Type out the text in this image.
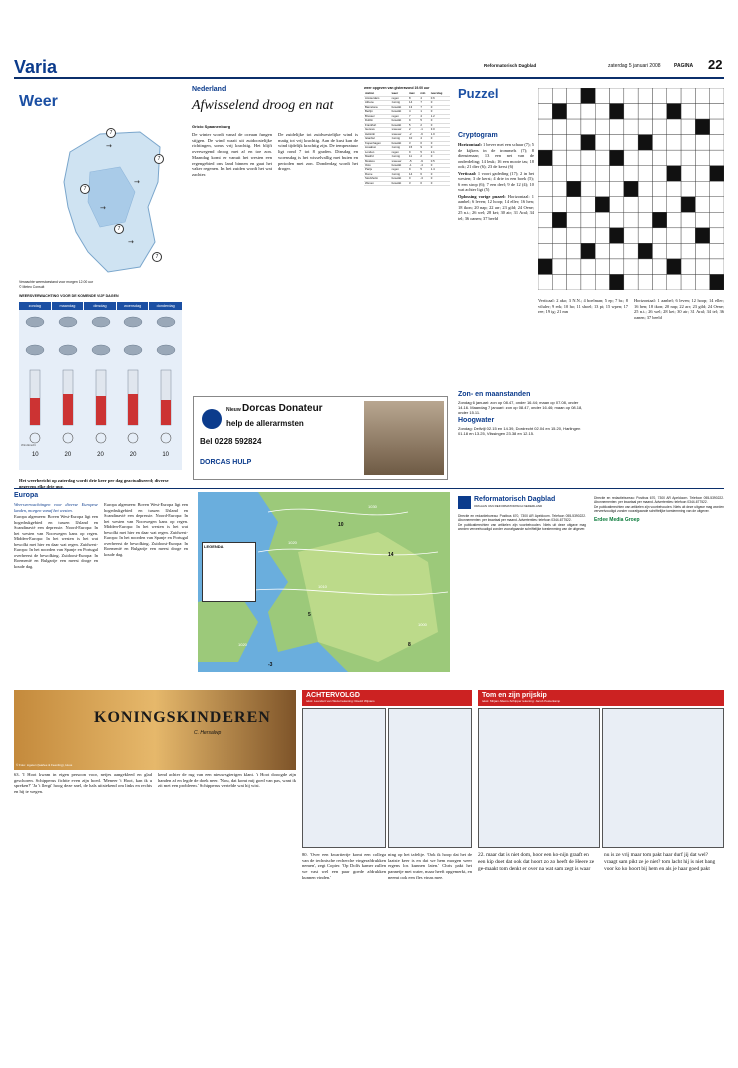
Varia	Reformatorisch Dagblad	zaterdag 5 januari 2008	PAGINA 22
Weer
→
→
→
→
7
7
7
7
7
Verwachte weerstoestand voor morgen 12.00 uur
© Meteo Consult
WEERSVERWACHTING VOOR DE KOMENDE VIJF DAGEN
zondag	maandag	dinsdag	woensdag	donderdag
10	20	20	20	10
Windkracht
Het weerbericht op zaterdag wordt drie keer per dag geactualiseerd; diverse gegevens elke drie uur.
Nederland
Afwisselend droog en nat
Gricio Spaanenburg

De winter wordt vanaf de oceaan fungen stijgen. De wind waait uit zuidoostelijke richtingen, soms vrij krachtig. Het blijft overwegend droog met af en toe zon. Maandag komt er vanuit het westen een regengebied ons land binnen en gaat het vaker regenen. In het zuiden wordt het wat zachter.

De zuidelijke tot zuidwestelijke wind is matig tot vrij krachtig. Aan de kust kan de wind tijdelijk krachtig zijn. De temperatuur ligt rond 7 tot 8 graden. Dinsdag en woensdag is het wisselvallig met buien en perioden met zon. Donderdag wordt het droger.

weer opgeven van gisteravond 19.00 uur
station	weer	max	min	neerslag
Amsterdam	regen	8	4	0.6
Athene	zonnig	14	7	0
Barcelona	bewolkt	13	7	0
Berlijn	bewolkt	4	1	0
Brussel	regen	7	4	1.2
Dublin	bewolkt	9	5	0
Frankfurt	bewolkt	5	2	0
Genève	sneeuw	2	-1	3.0
Helsinki	sneeuw	-2	-6	1.0
Istanbul	zonnig	10	4	0
Kopenhagen	bewolkt	3	0	0
Lissabon	zonnig	15	9	0
Londen	regen	9	5	2.1
Madrid	zonnig	11	2	0
Moskou	sneeuw	-5	-9	0.5
Oslo	bewolkt	-1	-4	0
Parijs	regen	9	5	1.4
Rome	zonnig	14	6	0
Stockholm	bewolkt	0	-3	0
Wenen	bewolkt	3	0	0
Nieuw Dorcas Donateur
help de allerarmsten
Bel 0228 592824
DORCAS HULP
Puzzel
Cryptogram

Horizontaal: 1 bever met een schaar (7); 5 de kijkers in de trommels (7); 8 dienstenaar; 13 een net van de onderdeling; 14 leuk; 16 een mooie tas; 18 ook; 21 dier (6); 23 de kerst (6)

Verticaal: 1 voort gadeding (17); 2 in het westen; 3 de kerst; 4 drie in een boek (5); 6 een strop (6); 7 een deel; 9 de 12 (4); 10 wat achter ligt (5)

Oplossing vorige puzzel: Horizontaal: 1 aanbel; 6 leven; 12 hoop; 14 eller; 16 hen; 18 ikon; 20 nap; 22 arr; 23 gild; 24 Oene; 25 n.t.; 26 wel; 28 ket; 30 air; 31 Aral; 34 tel; 36 oanen; 37 beeld

Verticaal: 2 ako; 3 N.N.; 4 boelman; 5 ep; 7 br.; 8 viluler; 9 erk; 10 ho; 11 shoel; 13 pi; 15 wpen; 17 ree; 19 ig; 21 mn

Horizontaal: 1 aanbel; 6 leven; 12 hoop; 14 eller; 16 hen; 18 ikon; 20 nap; 22 arr; 23 gild; 24 Oene; 25 n.t.; 26 wel; 28 ket; 30 air; 31 Aral; 34 tel; 36 oanen; 37 beeld

Zon- en maanstanden
Zondag 6 januari: zon op 08.47, onder 16.44; maan op 07.08, onder 14.16. Maandag 7 januari: zon op 08.47, onder 16.46; maan op 08.18, onder 15.11.
Hoogwater
Zondag: Delfzijl 02.15 en 14.39, Dordrecht 02.04 en 15.20, Harlingen 01.18 en 13.25, Vlissingen 23.38 en 12.15.
Europa

Weersverwachtingen voor diverse Europese landen, morgen vanaf het westen.

Europa algemeen: Boven West-Europa ligt een hogedrukgebied en tussen IJsland en Scandinavië een depressie. Noord-Europa: In het westen van Noorwegen kans op regen. Midden-Europa: In het westen is het wat bewolkt met hier en daar wat regen. Zuidwest-Europa: In het noorden van Spanje en Portugal overheerst de bewolking. Zuidoost-Europa: In Roemenië en Bulgarije een meest droge en koude dag.

Europa algemeen: Boven West-Europa ligt een hogedrukgebied en tussen IJsland en Scandinavië een depressie. Noord-Europa: In het westen van Noorwegen kans op regen. Midden-Europa: In het westen is het wat bewolkt met hier en daar wat regen. Zuidwest-Europa: In het noorden van Spanje en Portugal overheerst de bewolking. Zuidoost-Europa: In Roemenië en Bulgarije een meest droge en koude dag.

LEGENDA
1030
1020
1010
1000
1020
10
14
5
8
-3
Reformatorisch Dagblad
ORGAAN VAN REFORMATORISCH NEDERLAND

Directie en redactiebureau: Postbus 670, 7300 AR Apeldoorn. Telefoon 055-5390222. Abonnementen: per kwartaal per maand. Advertenties: telefoon 0344-677522.

De publicatierechten van artikelen zijn voorbehouden. Niets uit deze uitgave mag worden verveelvoudigd zonder voorafgaande schriftelijke toestemming van de uitgever.

Directie en redactiebureau: Postbus 670, 7300 AR Apeldoorn. Telefoon 055-5390222. Abonnementen: per kwartaal per maand. Advertenties: telefoon 0344-677522.

De publicatierechten van artikelen zijn voorbehouden. Niets uit deze uitgave mag worden verveelvoudigd zonder voorafgaande schriftelijke toestemming van de uitgever.

Erdee Media Groep

KONINGSKINDEREN
C. Hersalwp
© Foto: Ligeten (laarlee & Feenling), Huus

63. 'I Hoot kwam in eigen persoon voor, netjes aangekleed en glad geschoren. Schipperus fichtte even zijn hoed. 'Meneer 't Hoot, kan ik u spreken?' 'Ja 't llergi' hoog deze snel, de hals uitstekend om links en rechts en hij te wegen.

kend achter de rug van een nieuwsgierigen klant. 't Hoot dooogde zijn handen af en legde de doek neer. 'Nou, dat komt mij goed van pas, want ik zit met een probleem.' Schipperus vertelde wat hij wist.

ACHTERVOLGD
tekst: Leendert van Wezel tekening: Roelof Wijnans

80. 'Over een kwartiertje komt een collega van de technische recherche vingerafdrukken nemen', zegt Copier. 'Op Dolfs kamer zullen we vast wel een paar goede afdrukken kunnen vinden.'

ning op het tafeltje. 'Ook ik hoop dat het de laatste keer is en dat we hem morgen weer ergens los kunnen laten.' Chris pakt het pannetje met water, maar heeft opgemerkt, en neemt ook een fles vinas mee.

Tom en zijn prijskip
tekst: Mirjam Allems-Schipper tekening: Jacob Pesterkamp

22. maar dat is niet dom, hoor een ko-nijn graaft en een kip doet dat ook dat hoort zo zo heeft de Heere ze ge-maakt tom denkt er over na wat sam zegt is waar

nu is ze vrij maar tom pakt haar durf jij dat wel? vraagt sam pikt ze je niet? tom lacht hij is niet bang voor ko ko hoort bij hem en als je haar goed pakt
